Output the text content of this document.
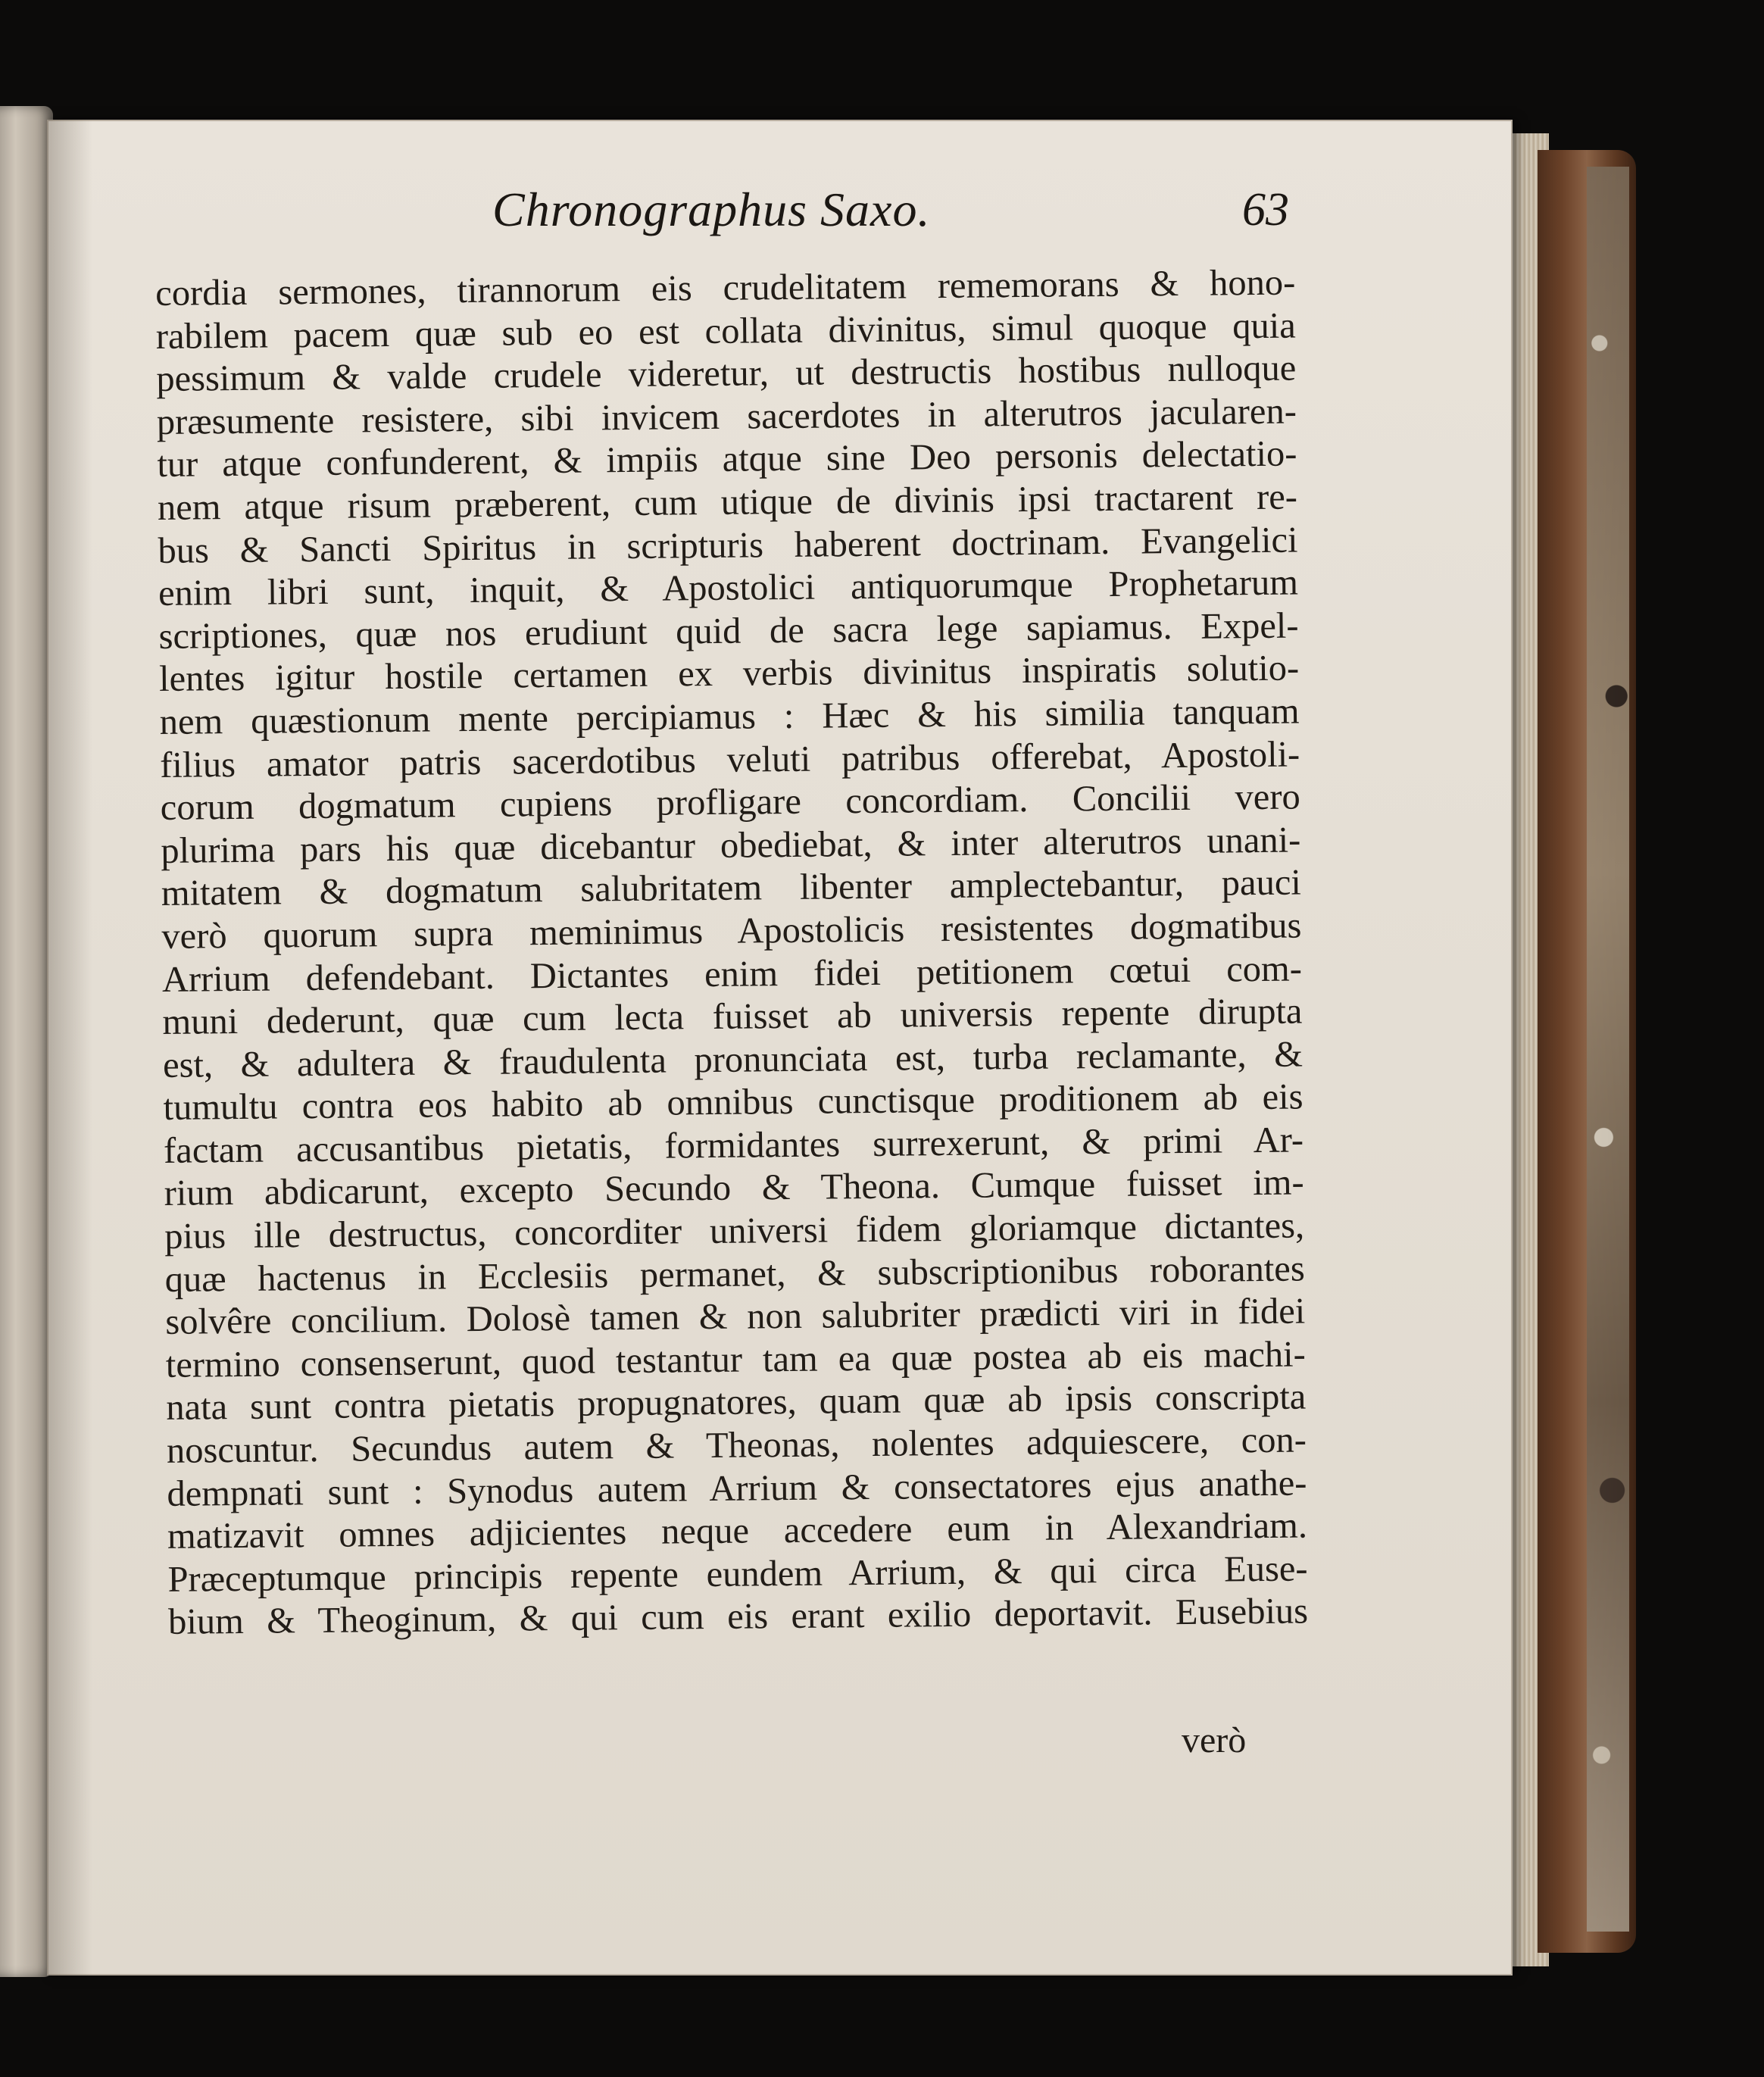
Chronographus Saxo.	63
cordia sermones, tirannorum eis crudelitatem rememorans & hono-
rabilem pacem quæ sub eo est collata divinitus, simul quoque quia
pessimum & valde crudele videretur, ut destructis hostibus nulloque
præsumente resistere, sibi invicem sacerdotes in alterutros jacularen-
tur atque confunderent, & impiis atque sine Deo personis delectatio-
nem atque risum præberent, cum utique de divinis ipsi tractarent re-
bus & Sancti Spiritus in scripturis haberent doctrinam. Evangelici
enim libri sunt, inquit, & Apostolici antiquorumque Prophetarum
scriptiones, quæ nos erudiunt quid de sacra lege sapiamus. Expel-
lentes igitur hostile certamen ex verbis divinitus inspiratis solutio-
nem quæstionum mente percipiamus : Hæc & his similia tanquam
filius amator patris sacerdotibus veluti patribus offerebat, Apostoli-
corum dogmatum cupiens profligare concordiam. Concilii vero
plurima pars his quæ dicebantur obediebat, & inter alterutros unani-
mitatem & dogmatum salubritatem libenter amplectebantur, pauci
verò quorum supra meminimus Apostolicis resistentes dogmatibus
Arrium defendebant. Dictantes enim fidei petitionem cœtui com-
muni dederunt, quæ cum lecta fuisset ab universis repente dirupta
est, & adultera & fraudulenta pronunciata est, turba reclamante, &
tumultu contra eos habito ab omnibus cunctisque proditionem ab eis
factam accusantibus pietatis, formidantes surrexerunt, & primi Ar-
rium abdicarunt, excepto Secundo & Theona. Cumque fuisset im-
pius ille destructus, concorditer universi fidem gloriamque dictantes,
quæ hactenus in Ecclesiis permanet, & subscriptionibus roborantes
solvêre concilium. Dolosè tamen & non salubriter prædicti viri in fidei
termino consenserunt, quod testantur tam ea quæ postea ab eis machi-
nata sunt contra pietatis propugnatores, quam quæ ab ipsis conscripta
noscuntur. Secundus autem & Theonas, nolentes adquiescere, con-
dempnati sunt : Synodus autem Arrium & consectatores ejus anathe-
matizavit omnes adjicientes neque accedere eum in Alexandriam.
Præceptumque principis repente eundem Arrium, & qui circa Euse-
bium & Theoginum, & qui cum eis erant exilio deportavit. Eusebius
verò
